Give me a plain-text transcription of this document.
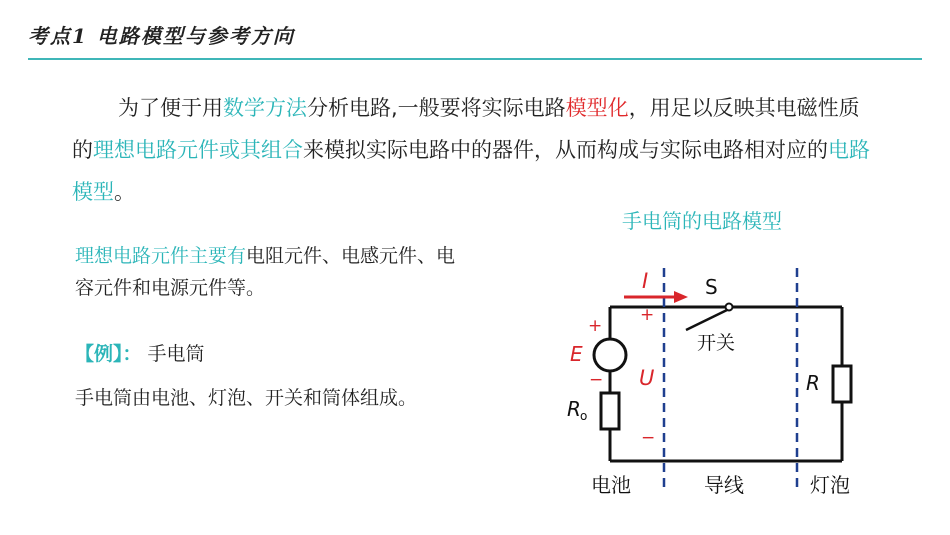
考点1 电路模型与参考方向
为了便于用数学方法分析电路,一般要将实际电路模型化，用足以反映其电磁性质的理想电路元件或其组合来模拟实际电路中的器件，从而构成与实际电路相对应的电路模型。
理想电路元件主要有电阻元件、电感元件、电容元件和电源元件等。
【例】： 手电筒
手电筒由电池、灯泡、开关和筒体组成。
手电筒的电路模型
I	S
开关
+
E
−
R o
+
U
−
R
电池	导线	灯泡
